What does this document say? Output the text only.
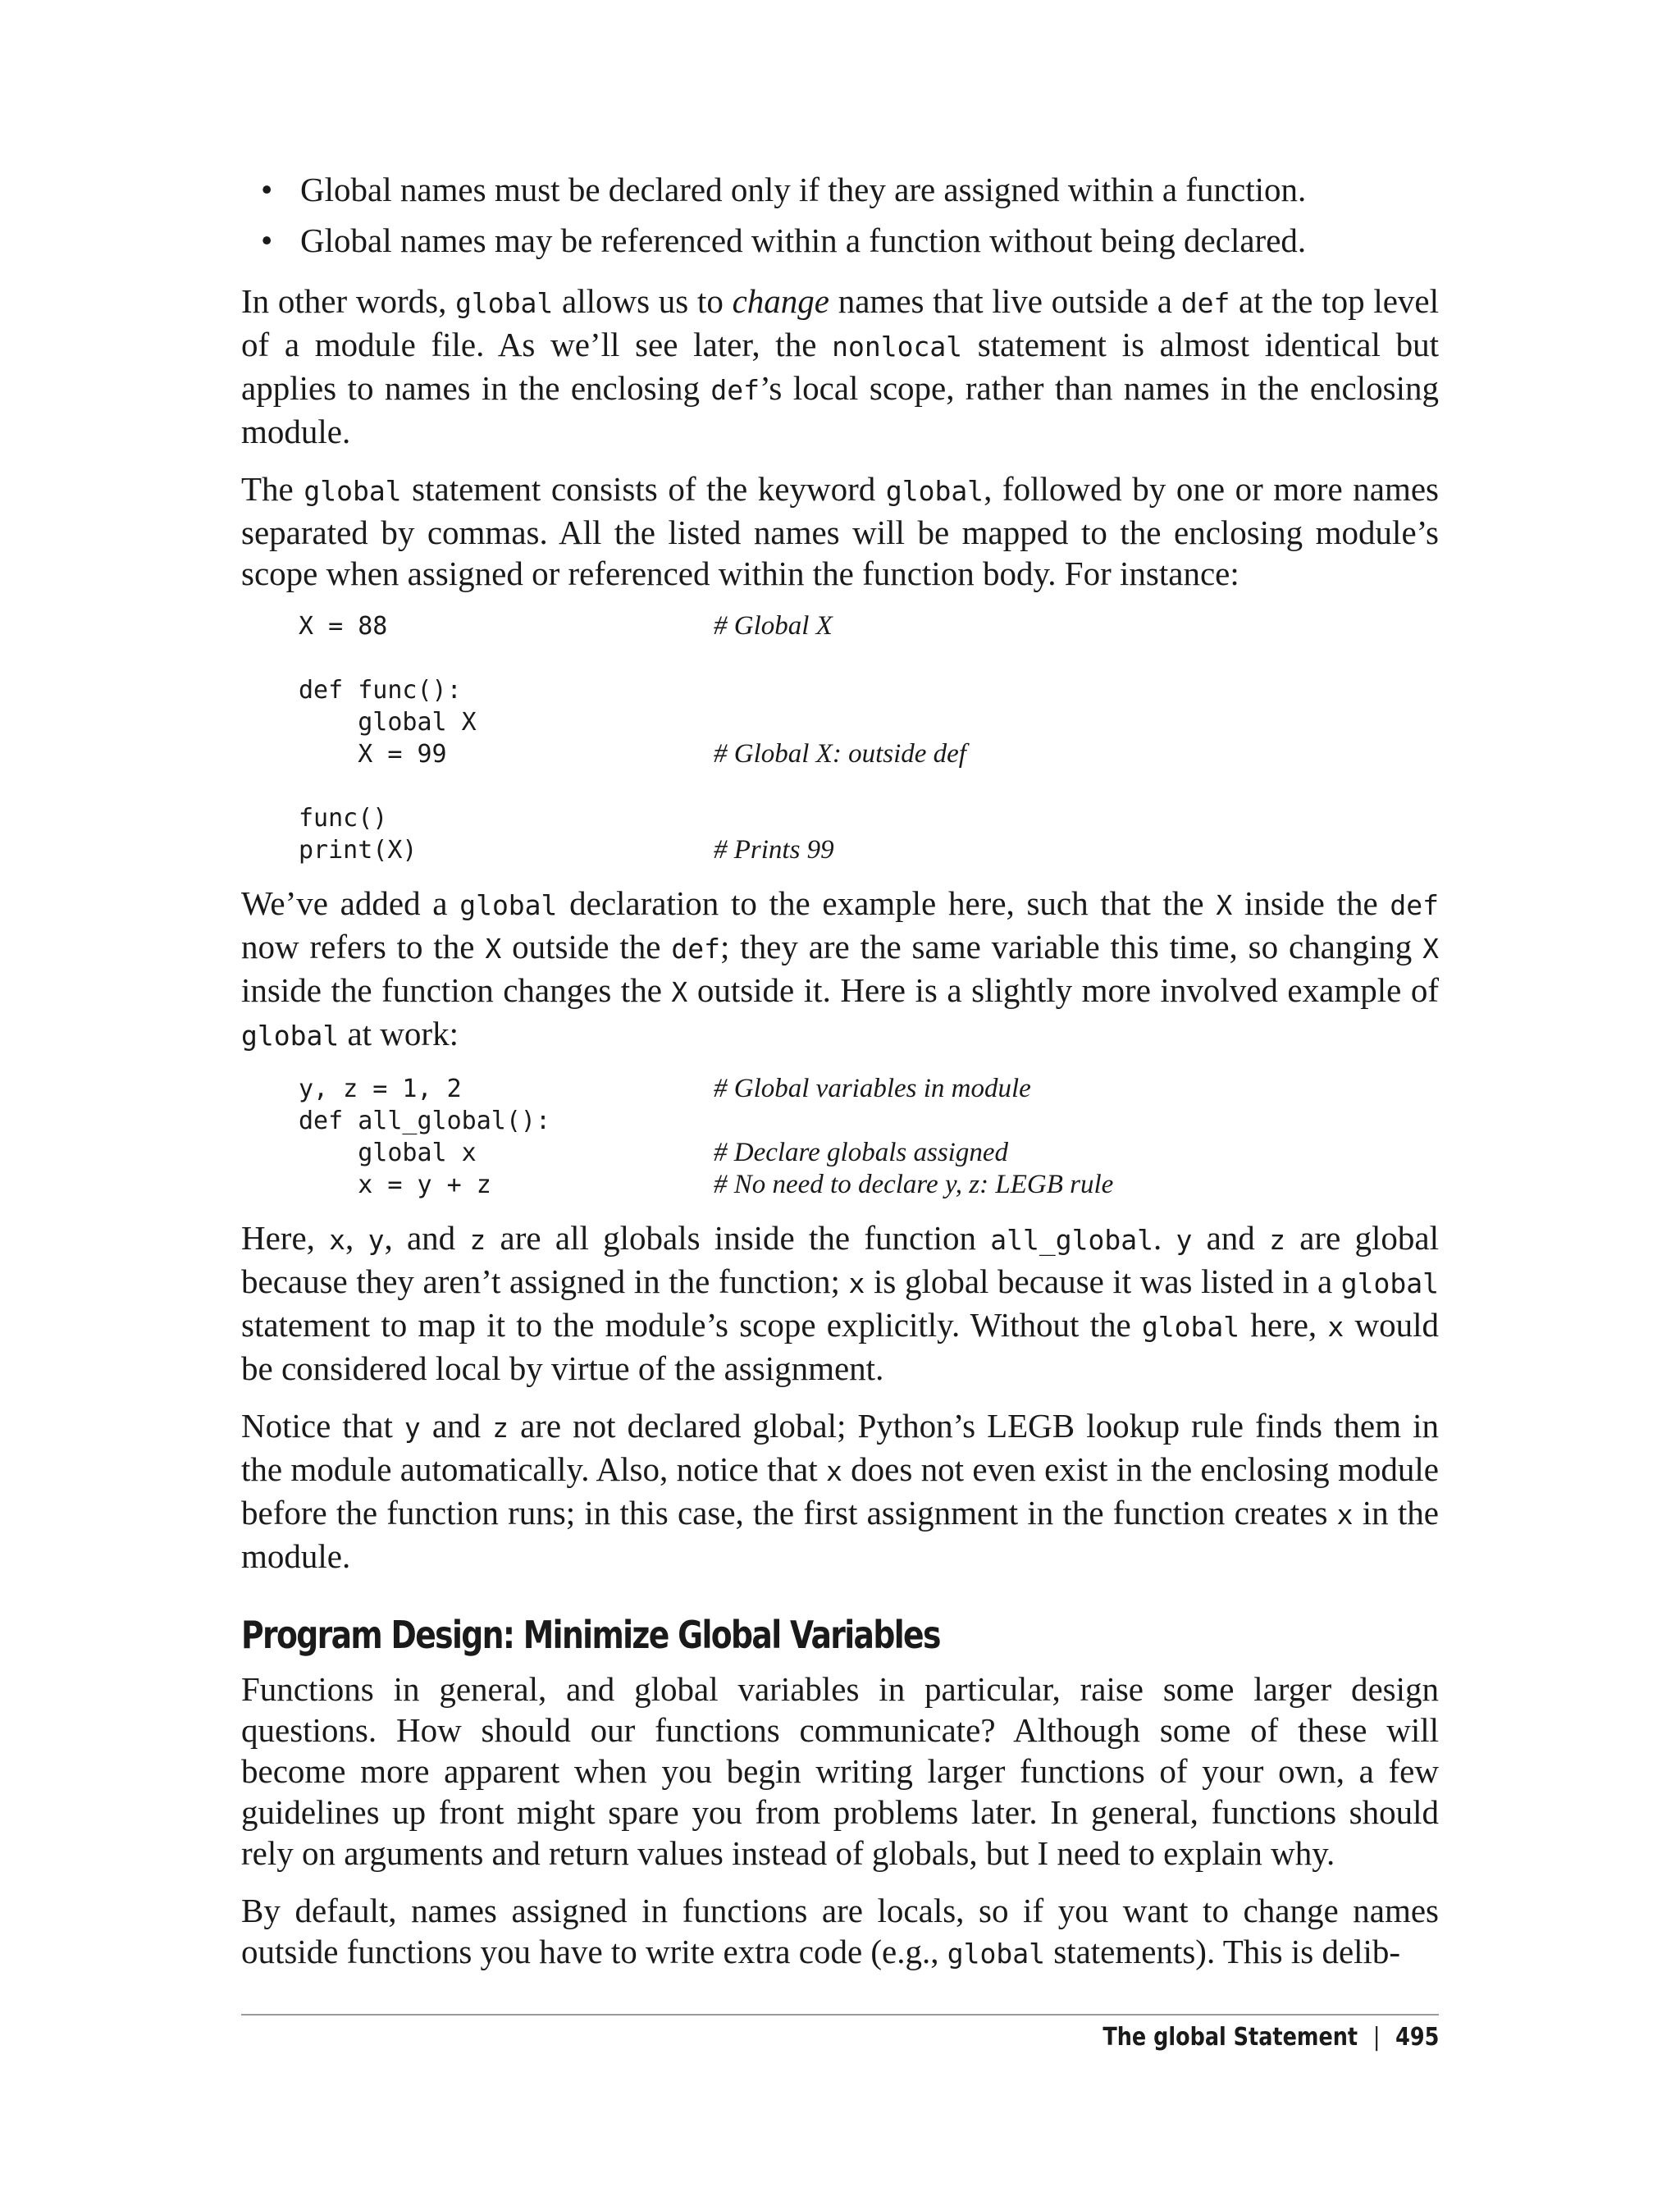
• Global names must be declared only if they are assigned within a function.
• Global names may be referenced within a function without being declared.

In other words, global allows us to change names that live outside a def at the top level of a module file. As we’ll see later, the nonlocal statement is almost identical but applies to names in the enclosing def’s local scope, rather than names in the enclosing module.

The global statement consists of the keyword global, followed by one or more names separated by commas. All the listed names will be mapped to the enclosing module’s scope when assigned or referenced within the function body. For instance:

X = 88	# Global X
def func():
global X
X = 99	# Global X: outside def
func()
print(X)	# Prints 99

We’ve added a global declaration to the example here, such that the X inside the def now refers to the X outside the def; they are the same variable this time, so changing X inside the function changes the X outside it. Here is a slightly more involved example of global at work:

y, z = 1, 2	# Global variables in module
def all_global():
global x	# Declare globals assigned
x = y + z	# No need to declare y, z: LEGB rule

Here, x, y, and z are all globals inside the function all_global. y and z are global because they aren’t assigned in the function; x is global because it was listed in a global statement to map it to the module’s scope explicitly. Without the global here, x would be considered local by virtue of the assignment.

Notice that y and z are not declared global; Python’s LEGB lookup rule finds them in the module automatically. Also, notice that x does not even exist in the enclosing module before the function runs; in this case, the first assignment in the function creates x in the module.

Program Design: Minimize Global Variables

Functions in general, and global variables in particular, raise some larger design questions. How should our functions communicate? Although some of these will become more apparent when you begin writing larger functions of your own, a few guidelines up front might spare you from problems later. In general, functions should rely on arguments and return values instead of globals, but I need to explain why.

By default, names assigned in functions are locals, so if you want to change names outside functions you have to write extra code (e.g., global statements). This is delib-

The global Statement | 495
